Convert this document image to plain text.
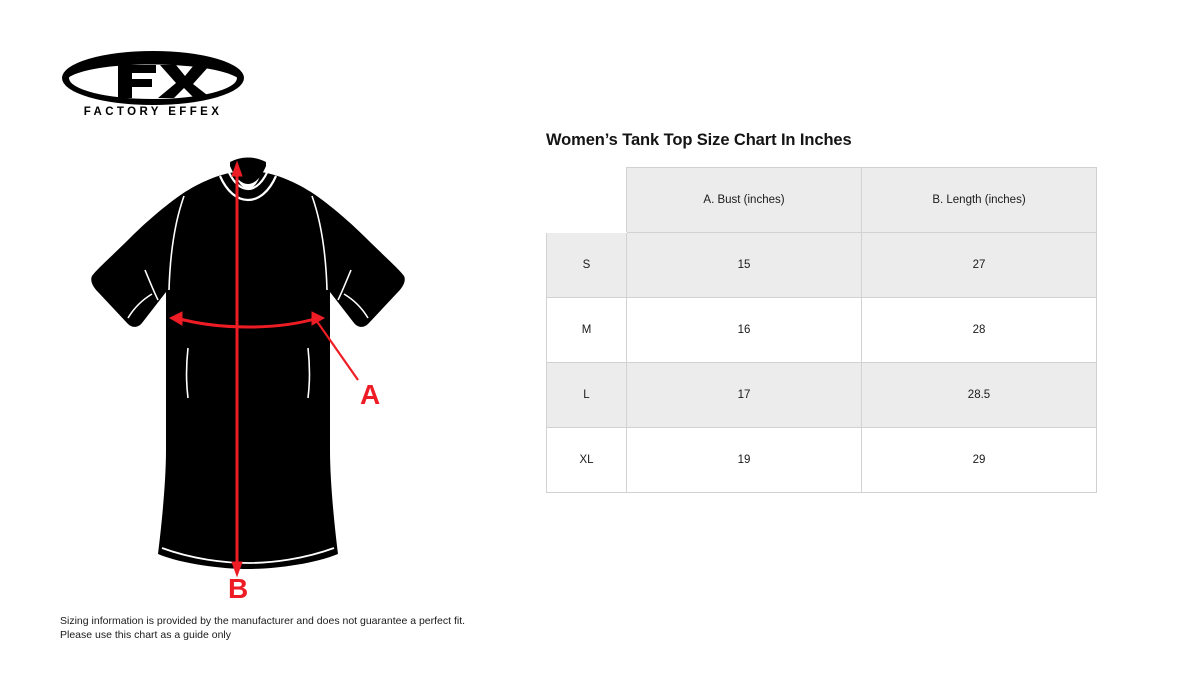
FACTORY EFFEX
A
B
Women’s Tank Top Size Chart In Inches
	A. Bust (inches)	B. Length (inches)
S	15	27
M	16	28
L	17	28.5
XL	19	29
Sizing information is provided by the manufacturer and does not guarantee a perfect fit.
Please use this chart as a guide only
